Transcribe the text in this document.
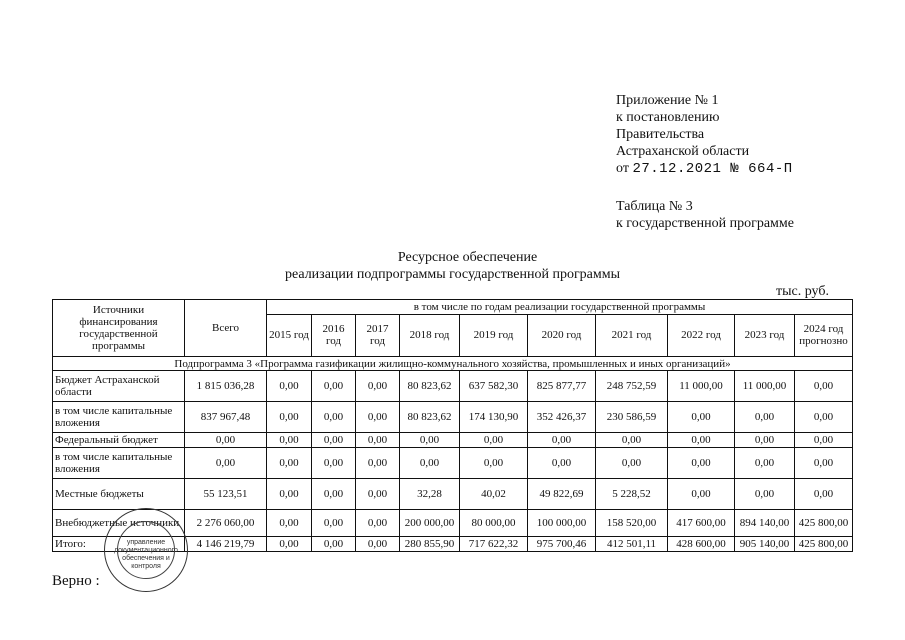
Приложение № 1
к постановлению
Правительства
Астраханской области
от 27.12.2021 № 664-П
Таблица № 3
к государственной программе
Ресурсное обеспечение
реализации подпрограммы государственной программы
тыс. руб.
Источники финансирования государственной программы	Всего	в том числе по годам реализации государственной программы									
		2015 год	2016 год	2017 год	2018 год	2019 год	2020 год	2021 год	2022 год	2023 год	2024 год прогнозно
Подпрограмма 3 «Программа газификации жилищно-коммунального хозяйства, промышленных и иных организаций»											
Бюджет Астраханской области	1 815 036,28	0,00	0,00	0,00	80 823,62	637 582,30	825 877,77	248 752,59	11 000,00	11 000,00	0,00
в том числе капитальные вложения	837 967,48	0,00	0,00	0,00	80 823,62	174 130,90	352 426,37	230 586,59	0,00	0,00	0,00
Федеральный бюджет	0,00	0,00	0,00	0,00	0,00	0,00	0,00	0,00	0,00	0,00	0,00
в том числе капитальные вложения	0,00	0,00	0,00	0,00	0,00	0,00	0,00	0,00	0,00	0,00	0,00
Местные бюджеты	55 123,51	0,00	0,00	0,00	32,28	40,02	49 822,69	5 228,52	0,00	0,00	0,00
Внебюджетные источники	2 276 060,00	0,00	0,00	0,00	200 000,00	80 000,00	100 000,00	158 520,00	417 600,00	894 140,00	425 800,00
Итого:	4 146 219,79	0,00	0,00	0,00	280 855,90	717 622,32	975 700,46	412 501,11	428 600,00	905 140,00	425 800,00
управление документационного обеспечения и контроля
Верно :
